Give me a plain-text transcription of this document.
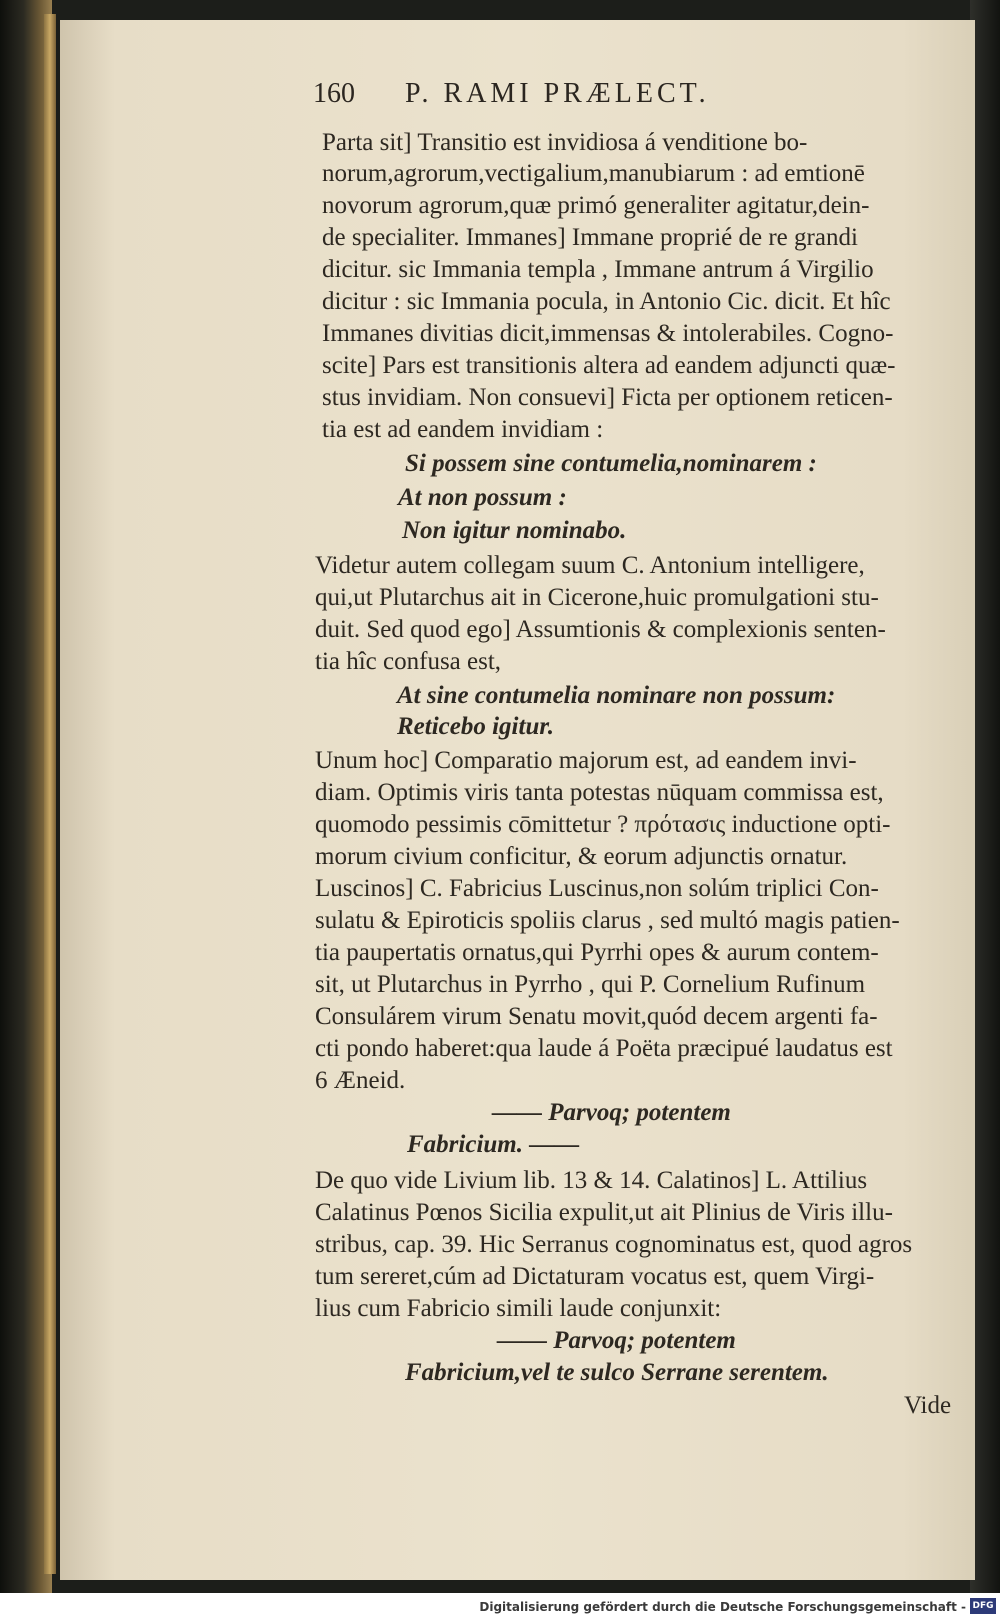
160 P. RAMI PRÆLECT.
Parta sit] Transitio est invidiosa á venditione bo-
norum,agrorum,vectigalium,manubiarum : ad emtionē
novorum agrorum,quæ primó generaliter agitatur,dein-
de specialiter. Immanes] Immane proprié de re grandi
dicitur. sic Immania templa , Immane antrum á Virgilio
dicitur : sic Immania pocula, in Antonio Cic. dicit. Et hîc
Immanes divitias dicit,immensas & intolerabiles. Cogno-
scite] Pars est transitionis altera ad eandem adjuncti quæ-
stus invidiam. Non consuevi] Ficta per optionem reticen-
tia est ad eandem invidiam :
Si possem sine contumelia,nominarem :
At non possum :
Non igitur nominabo.
Videtur autem collegam suum C. Antonium intelligere,
qui,ut Plutarchus ait in Cicerone,huic promulgationi stu-
duit. Sed quod ego] Assumtionis & complexionis senten-
tia hîc confusa est,
At sine contumelia nominare non possum:
Reticebo igitur.
Unum hoc] Comparatio majorum est, ad eandem invi-
diam. Optimis viris tanta potestas nūquam commissa est,
quomodo pessimis cōmittetur ? πρότασις inductione opti-
morum civium conficitur, & eorum adjunctis ornatur.
Luscinos] C. Fabricius Luscinus,non solúm triplici Con-
sulatu & Epiroticis spoliis clarus , sed multó magis patien-
tia paupertatis ornatus,qui Pyrrhi opes & aurum contem-
sit, ut Plutarchus in Pyrrho , qui P. Cornelium Rufinum
Consulárem virum Senatu movit,quód decem argenti fa-
cti pondo haberet:qua laude á Poëta præcipué laudatus est
6 Æneid.
—— Parvoq; potentem
Fabricium. ——
De quo vide Livium lib. 13 & 14. Calatinos] L. Attilius
Calatinus Pœnos Sicilia expulit,ut ait Plinius de Viris illu-
stribus, cap. 39. Hic Serranus cognominatus est, quod agros
tum sereret,cúm ad Dictaturam vocatus est, quem Virgi-
lius cum Fabricio simili laude conjunxit:
—— Parvoq; potentem
Fabricium,vel te sulco Serrane serentem.
Vide
Digitalisierung gefördert durch die Deutsche Forschungsgemeinschaft - DFG
